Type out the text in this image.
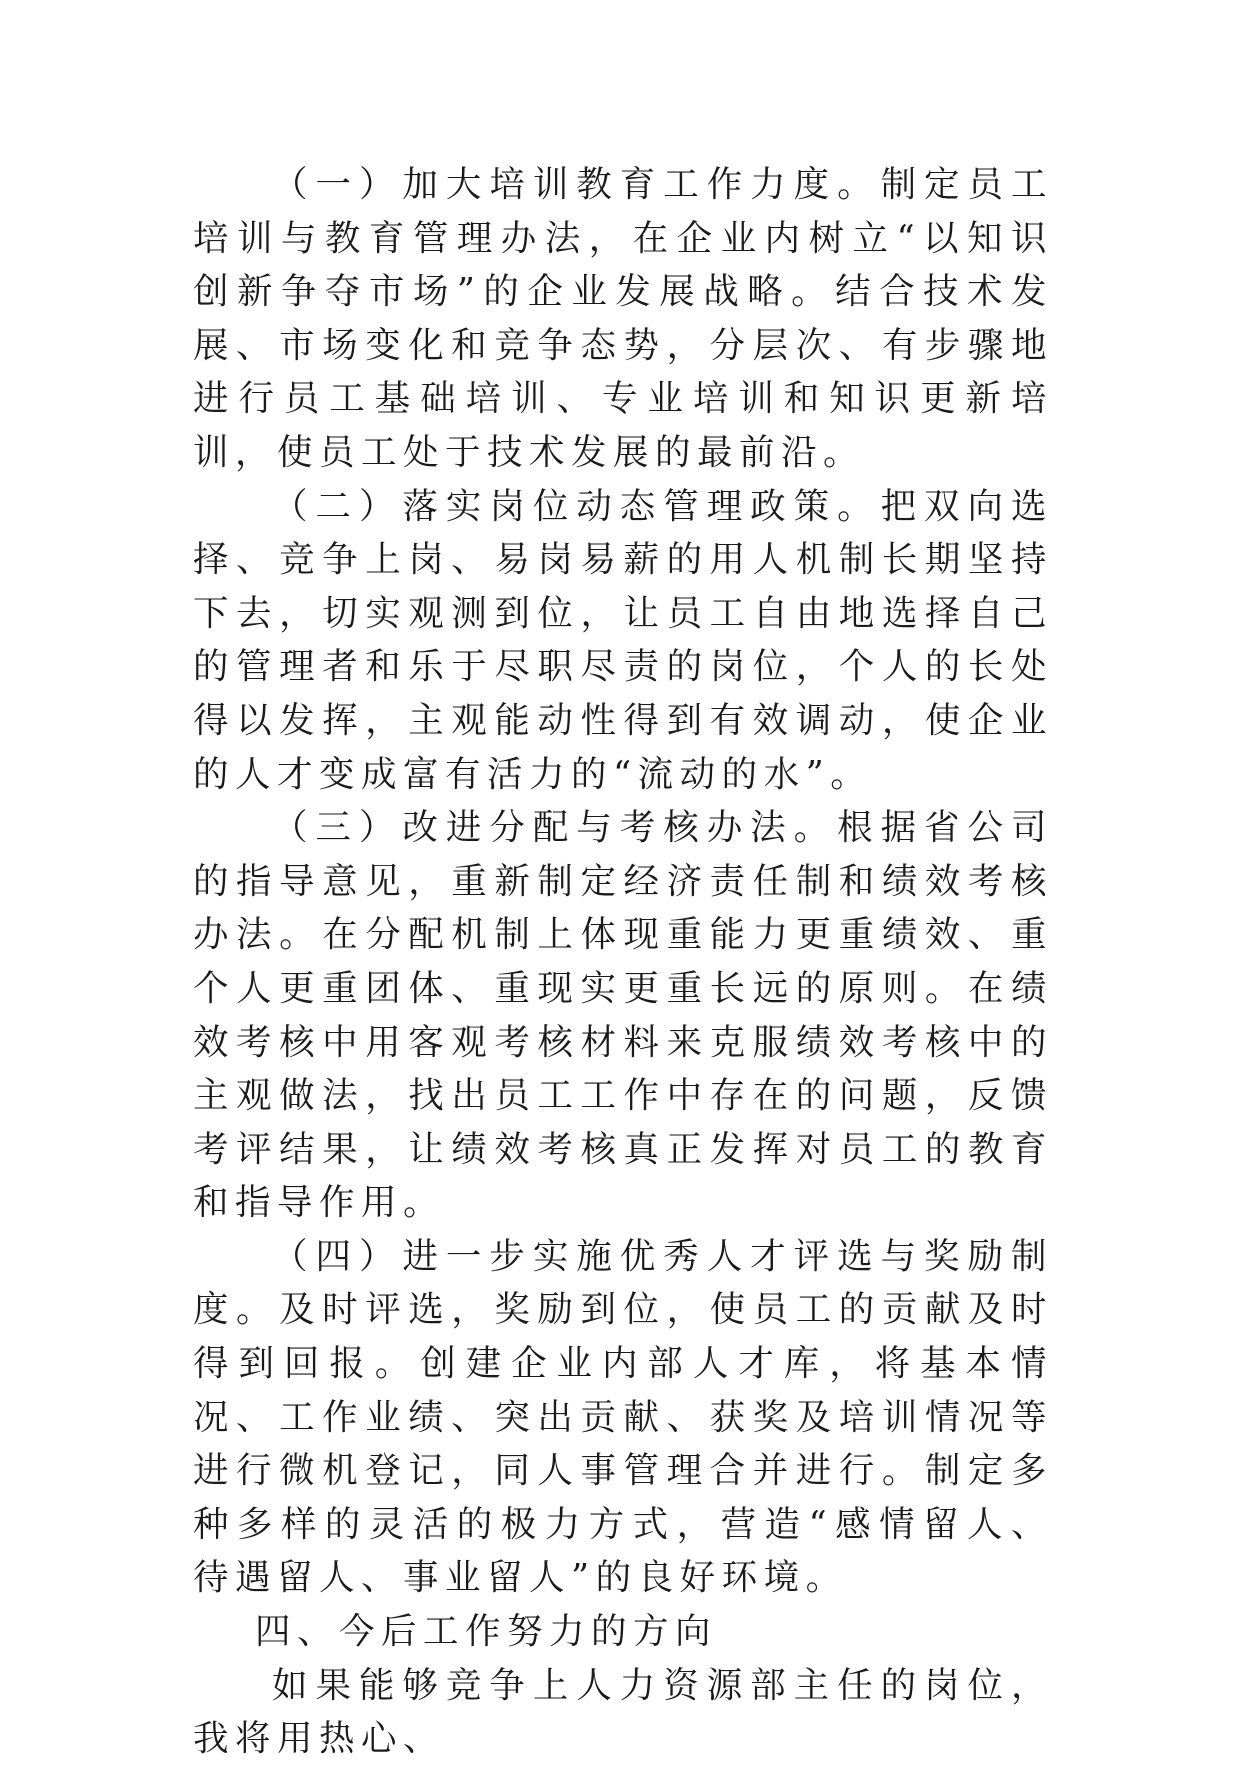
（一）加大培训教育工作力度。制定员工培训与教育管理办法，在企业内树立“以知识创新争夺市场”的企业发展战略。结合技术发展、市场变化和竞争态势，分层次、有步骤地进行员工基础培训、专业培训和知识更新培训，使员工处于技术发展的最前沿。

（二）落实岗位动态管理政策。把双向选择、竞争上岗、易岗易薪的用人机制长期坚持下去，切实观测到位，让员工自由地选择自己的管理者和乐于尽职尽责的岗位，个人的长处得以发挥，主观能动性得到有效调动，使企业的人才变成富有活力的“流动的水”。

（三）改进分配与考核办法。根据省公司的指导意见，重新制定经济责任制和绩效考核办法。在分配机制上体现重能力更重绩效、重个人更重团体、重现实更重长远的原则。在绩效考核中用客观考核材料来克服绩效考核中的主观做法，找出员工工作中存在的问题，反馈考评结果，让绩效考核真正发挥对员工的教育和指导作用。

（四）进一步实施优秀人才评选与奖励制度。及时评选，奖励到位，使员工的贡献及时得到回报。创建企业内部人才库，将基本情况、工作业绩、突出贡献、获奖及培训情况等进行微机登记，同人事管理合并进行。制定多种多样的灵活的极力方式，营造“感情留人、待遇留人、事业留人”的良好环境。

四、今后工作努力的方向

如果能够竞争上人力资源部主任的岗位，我将用热心、
